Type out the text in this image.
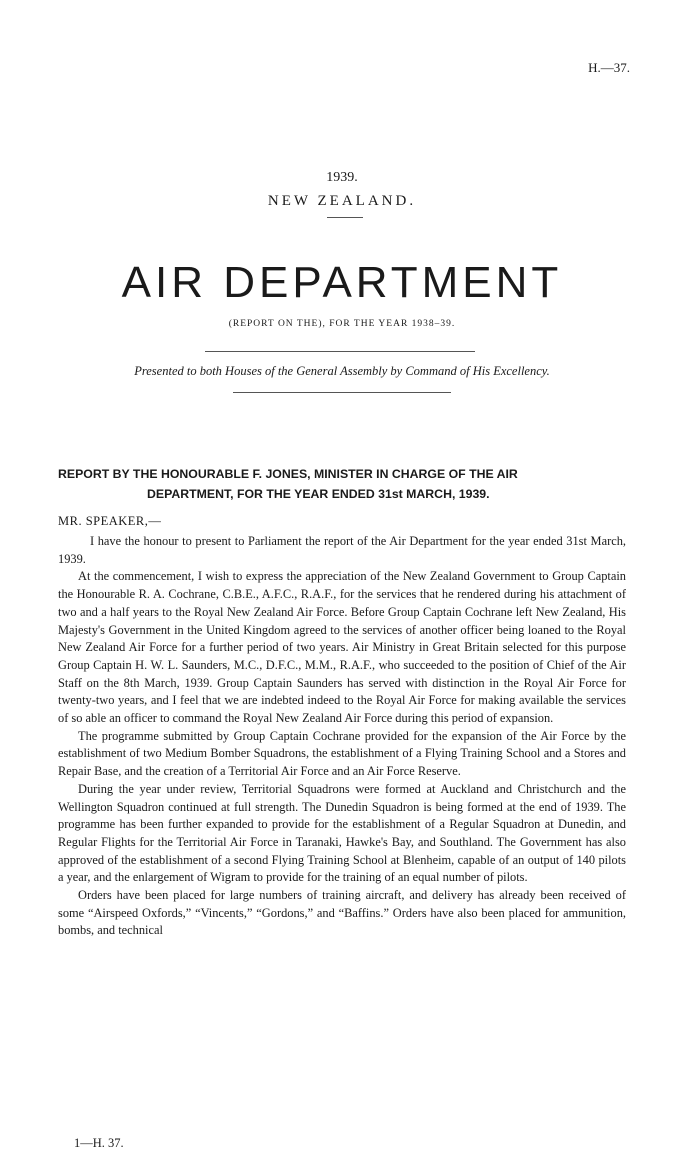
H.—37.
1939.
NEW ZEALAND.
AIR DEPARTMENT
(REPORT ON THE), FOR THE YEAR 1938–39.
Presented to both Houses of the General Assembly by Command of His Excellency.
REPORT BY THE HONOURABLE F. JONES, MINISTER IN CHARGE OF THE AIR
DEPARTMENT, FOR THE YEAR ENDED 31st MARCH, 1939.
MR. SPEAKER,—

I have the honour to present to Parliament the report of the Air Department for the year ended 31st March, 1939.

At the commencement, I wish to express the appreciation of the New Zealand Government to Group Captain the Honourable R. A. Cochrane, C.B.E., A.F.C., R.A.F., for the services that he rendered during his attachment of two and a half years to the Royal New Zealand Air Force. Before Group Captain Cochrane left New Zealand, His Majesty's Government in the United Kingdom agreed to the services of another officer being loaned to the Royal New Zealand Air Force for a further period of two years. Air Ministry in Great Britain selected for this purpose Group Captain H. W. L. Saunders, M.C., D.F.C., M.M., R.A.F., who succeeded to the position of Chief of the Air Staff on the 8th March, 1939. Group Captain Saunders has served with distinction in the Royal Air Force for twenty-two years, and I feel that we are indebted indeed to the Royal Air Force for making available the services of so able an officer to command the Royal New Zealand Air Force during this period of expansion.

The programme submitted by Group Captain Cochrane provided for the expansion of the Air Force by the establishment of two Medium Bomber Squadrons, the establishment of a Flying Training School and a Stores and Repair Base, and the creation of a Territorial Air Force and an Air Force Reserve.

During the year under review, Territorial Squadrons were formed at Auckland and Christchurch and the Wellington Squadron continued at full strength. The Dunedin Squadron is being formed at the end of 1939. The programme has been further expanded to provide for the establishment of a Regular Squadron at Dunedin, and Regular Flights for the Territorial Air Force in Taranaki, Hawke's Bay, and Southland. The Government has also approved of the establishment of a second Flying Training School at Blenheim, capable of an output of 140 pilots a year, and the enlargement of Wigram to provide for the training of an equal number of pilots.

Orders have been placed for large numbers of training aircraft, and delivery has already been received of some “Airspeed Oxfords,” “Vincents,” “Gordons,” and “Baffins.” Orders have also been placed for ammunition, bombs, and technical

1—H. 37.
